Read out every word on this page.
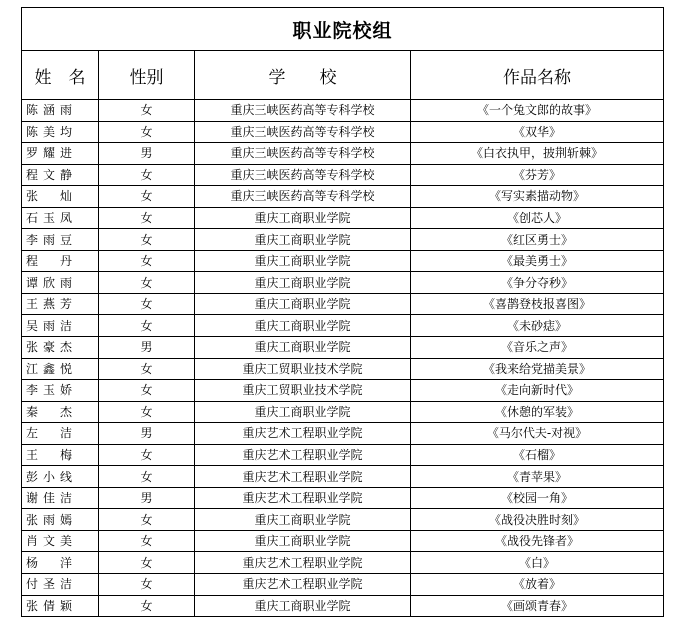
职业院校组			
姓　名	性别	学　　校	作品名称
陈涵雨	女	重庆三峡医药高等专科学校	《一个兔文郎的故事》
陈美均	女	重庆三峡医药高等专科学校	《双华》
罗耀进	男	重庆三峡医药高等专科学校	《白衣执甲，披荆斩棘》
程文静	女	重庆三峡医药高等专科学校	《芬芳》
张　灿	女	重庆三峡医药高等专科学校	《写实素描动物》
石玉凤	女	重庆工商职业学院	《创芯人》
李雨豆	女	重庆工商职业学院	《红区勇士》
程　丹	女	重庆工商职业学院	《最美勇士》
谭欣雨	女	重庆工商职业学院	《争分夺秒》
王燕芳	女	重庆工商职业学院	《喜鹊登枝报喜图》
吴雨洁	女	重庆工商职业学院	《未砂痣》
张豪杰	男	重庆工商职业学院	《音乐之声》
江鑫悦	女	重庆工贸职业技术学院	《我来给党描美景》
李玉娇	女	重庆工贸职业技术学院	《走向新时代》
秦　杰	女	重庆工商职业学院	《休憩的军装》
左　洁	男	重庆艺术工程职业学院	《马尔代夫-对视》
王　梅	女	重庆艺术工程职业学院	《石榴》
彭小线	女	重庆艺术工程职业学院	《青苹果》
谢佳洁	男	重庆艺术工程职业学院	《校园一角》
张雨嫣	女	重庆工商职业学院	《战役决胜时刻》
肖文美	女	重庆工商职业学院	《战役先锋者》
杨　洋	女	重庆艺术工程职业学院	《白》
付圣洁	女	重庆艺术工程职业学院	《放着》
张倩颖	女	重庆工商职业学院	《画颂青春》
